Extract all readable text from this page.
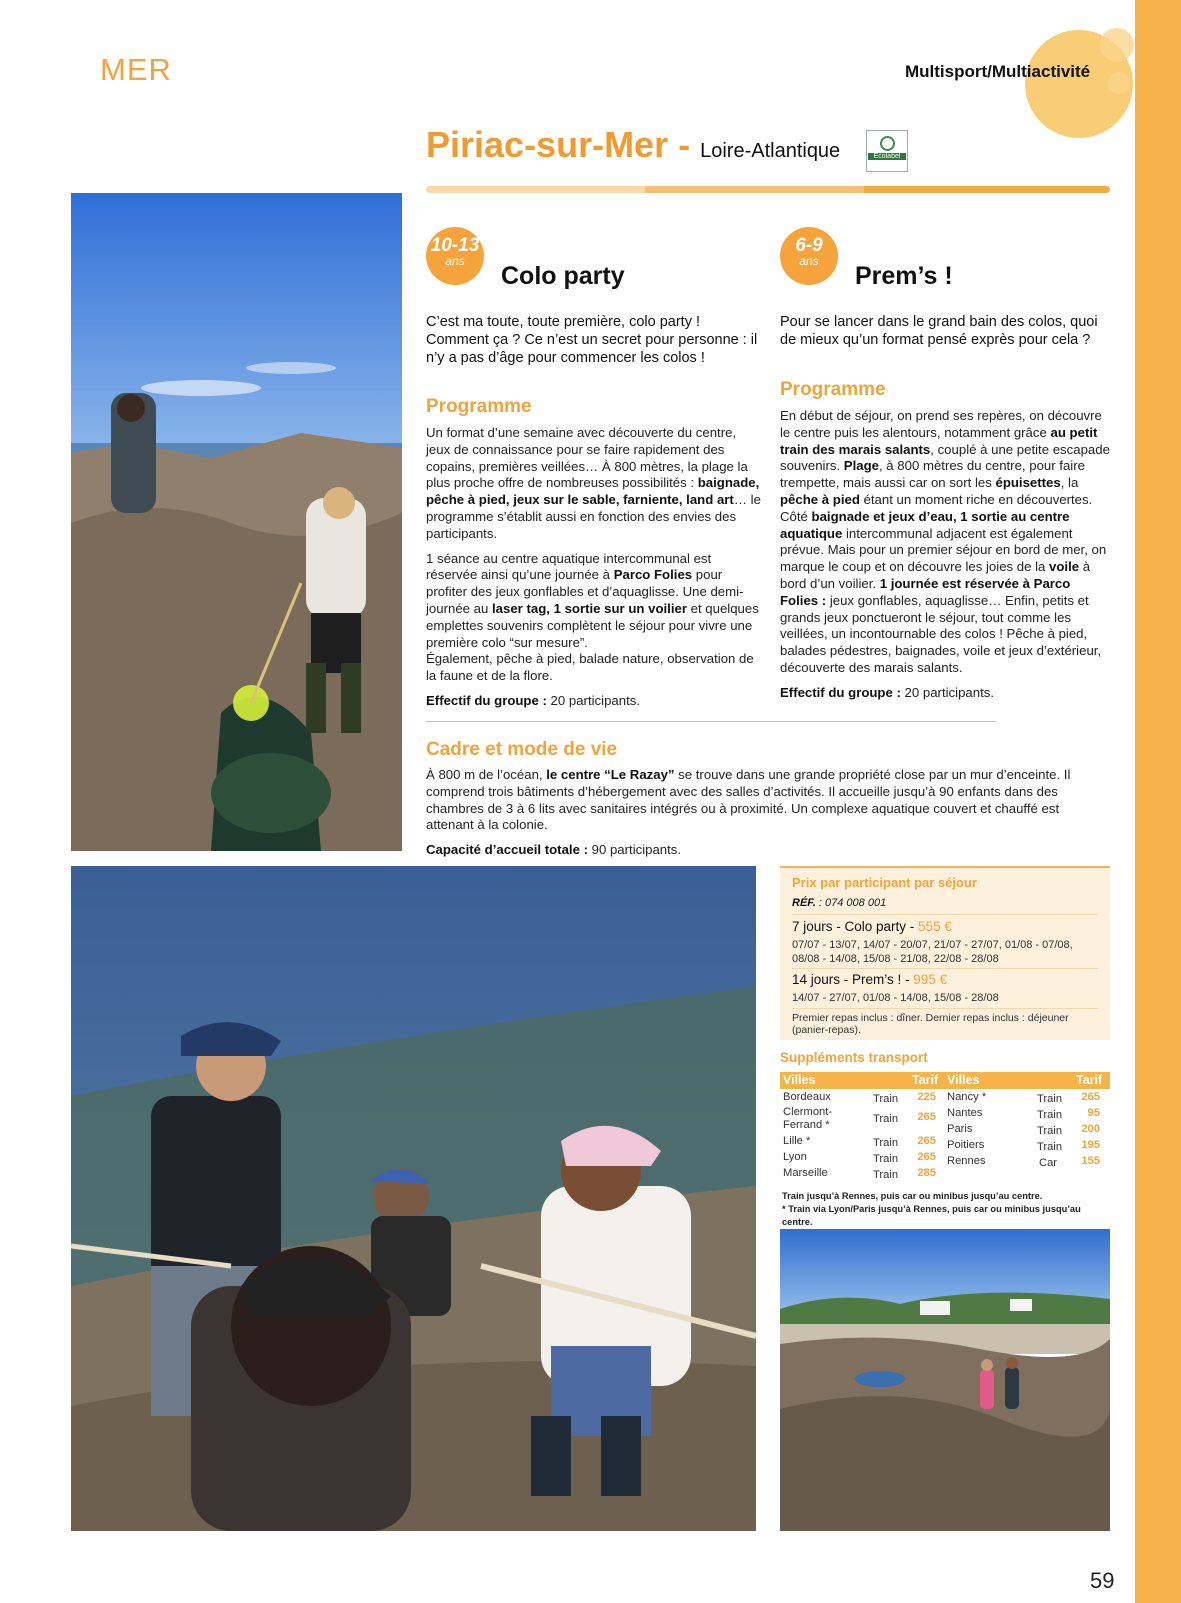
MER	Multisport/Multiactivité
Piriac-sur-Mer - Loire-Atlantique	Ecolabel
10-13
ans
Colo party
C’est ma toute, toute première, colo party ! Comment ça ? Ce n’est un secret pour personne : il n’y a pas d’âge pour commencer les colos !
Programme

Un format d’une semaine avec découverte du centre, jeux de connaissance pour se faire rapidement des copains, premières veillées… À 800 mètres, la plage la plus proche offre de nombreuses possibilités : baignade, pêche à pied, jeux sur le sable, farniente, land art… le programme s’établit aussi en fonction des envies des participants.

1 séance au centre aquatique intercommunal est réservée ainsi qu’une journée à Parco Folies pour profiter des jeux gonflables et d’aquaglisse. Une demi-journée au laser tag, 1 sortie sur un voilier et quelques emplettes souvenirs complètent le séjour pour vivre une première colo “sur mesure”.
Également, pêche à pied, balade nature, observation de la faune et de la flore.

Effectif du groupe : 20 participants.

6-9
ans
Prem’s !
Pour se lancer dans le grand bain des colos, quoi de mieux qu’un format pensé exprès pour cela ?
Programme

En début de séjour, on prend ses repères, on découvre le centre puis les alentours, notamment grâce au petit train des marais salants, couplé à une petite escapade souvenirs. Plage, à 800 mètres du centre, pour faire trempette, mais aussi car on sort les épuisettes, la pêche à pied étant un moment riche en découvertes. Côté baignade et jeux d’eau, 1 sortie au centre aquatique intercommunal adjacent est également prévue. Mais pour un premier séjour en bord de mer, on marque le coup et on découvre les joies de la voile à bord d’un voilier. 1 journée est réservée à Parco Folies : jeux gonflables, aquaglisse… Enfin, petits et grands jeux ponctueront le séjour, tout comme les veillées, un incontournable des colos ! Pêche à pied, balades pédestres, baignades, voile et jeux d’extérieur, découverte des marais salants.

Effectif du groupe : 20 participants.

Cadre et mode de vie

À 800 m de l’océan, le centre “Le Razay” se trouve dans une grande propriété close par un mur d’enceinte. Il comprend trois bâtiments d’hébergement avec des salles d’activités. Il accueille jusqu’à 90 enfants dans des chambres de 3 à 6 lits avec sanitaires intégrés ou à proximité. Un complexe aquatique couvert et chauffé est attenant à la colonie.

Capacité d’accueil totale : 90 participants.

Prix par participant par séjour
RÉF. : 074 008 001
7 jours - Colo party - 555 €
07/07 - 13/07, 14/07 - 20/07, 21/07 - 27/07, 01/08 - 07/08, 08/08 - 14/08, 15/08 - 21/08, 22/08 - 28/08
14 jours - Prem’s ! - 995 €
14/07 - 27/07, 01/08 - 14/08, 15/08 - 28/08
Premier repas inclus : dîner. Dernier repas inclus : déjeuner (panier-repas).
Suppléments transport
Villes	Tarif Villes	Tarif
Bordeaux	Train	225
Clermont-Ferrand *	Train	265
Lille *	Train	265
Lyon	Train	265
Marseille	Train	285
Nancy *	Train	265
Nantes	Train	95
Paris	Train	200
Poitiers	Train	195
Rennes	Car	155
Train jusqu’à Rennes, puis car ou minibus jusqu’au centre.
* Train via Lyon/Paris jusqu’à Rennes, puis car ou minibus jusqu’au centre.
59
